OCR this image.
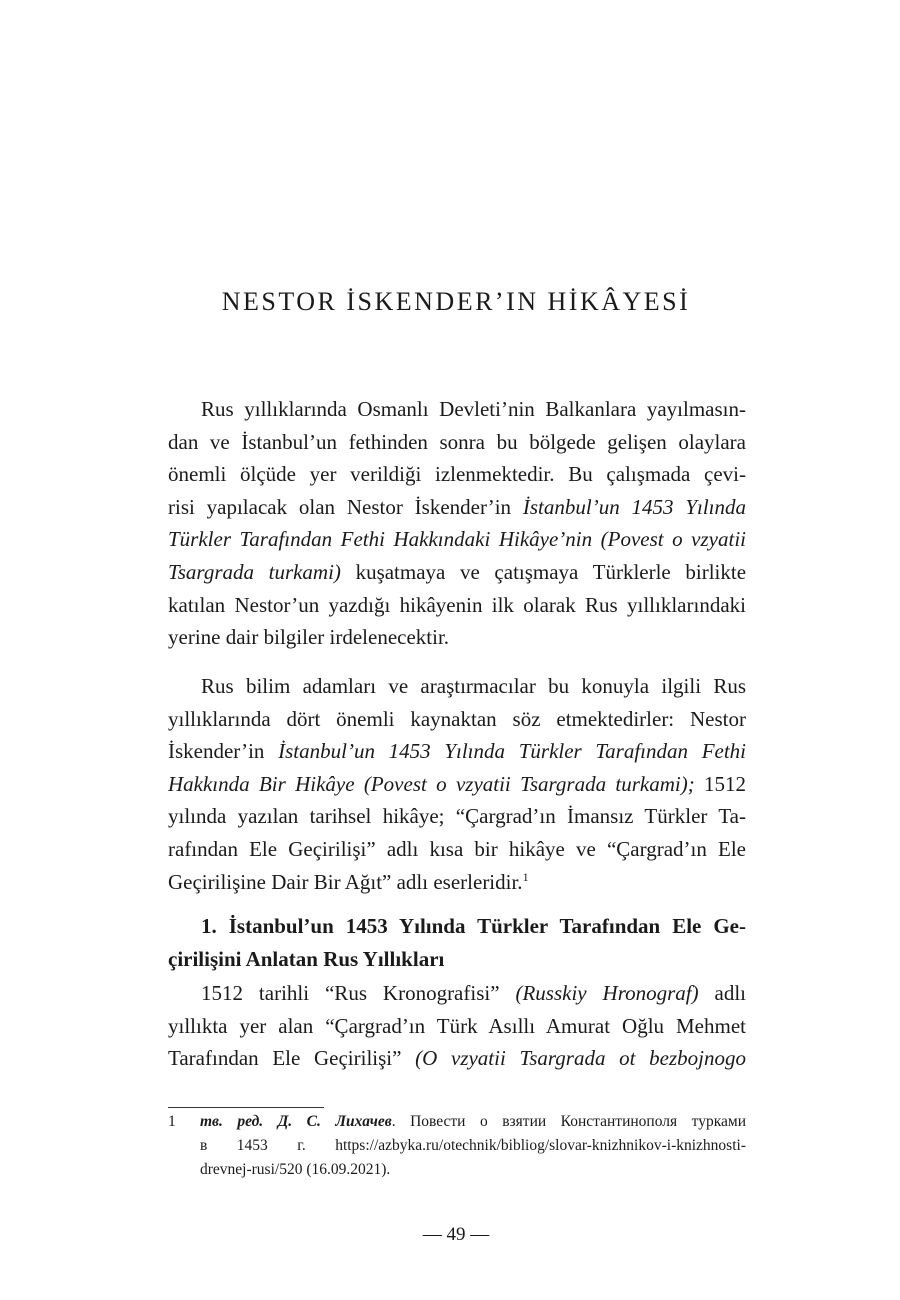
NESTOR İSKENDER’IN HİKÂYESİ

Rus yıllıklarında Osmanlı Devleti’nin Balkanlara yayılmasın-
dan ve İstanbul’un fethinden sonra bu bölgede gelişen olaylara
önemli ölçüde yer verildiği izlenmektedir. Bu çalışmada çevi-
risi yapılacak olan Nestor İskender’in İstanbul’un 1453 Yılında
Türkler Tarafından Fethi Hakkındaki Hikâye’nin (Povest o vzyatii
Tsargrada turkami) kuşatmaya ve çatışmaya Türklerle birlikte
katılan Nestor’un yazdığı hikâyenin ilk olarak Rus yıllıklarındaki
yerine dair bilgiler irdelenecektir.

Rus bilim adamları ve araştırmacılar bu konuyla ilgili Rus
yıllıklarında dört önemli kaynaktan söz etmektedirler: Nestor
İskender’in İstanbul’un 1453 Yılında Türkler Tarafından Fethi
Hakkında Bir Hikâye (Povest o vzyatii Tsargrada turkami); 1512
yılında yazılan tarihsel hikâye; “Çargrad’ın İmansız Türkler Ta-
rafından Ele Geçirilişi” adlı kısa bir hikâye ve “Çargrad’ın Ele
Geçirilişine Dair Bir Ağıt” adlı eserleridir.$^1$

1. İstanbul’un 1453 Yılında Türkler Tarafından Ele Ge-
çirilişini Anlatan Rus Yıllıkları

1512 tarihli “Rus Kronografisi” (Russkiy Hronograf) adlı
yıllıkta yer alan “Çargrad’ın Türk Asıllı Amurat Oğlu Mehmet
Tarafından Ele Geçirilişi” (O vzyatii Tsargrada ot bezbojnogo

1	тв. ред. Д. С. Лихачев. Повести о взятии Константинополя турками
в 1453 г. https://azbyka.ru/otechnik/bibliog/slovar-knizhnikov-i-knizhnosti-
drevnej-rusi/520 (16.09.2021).
— 49 —
